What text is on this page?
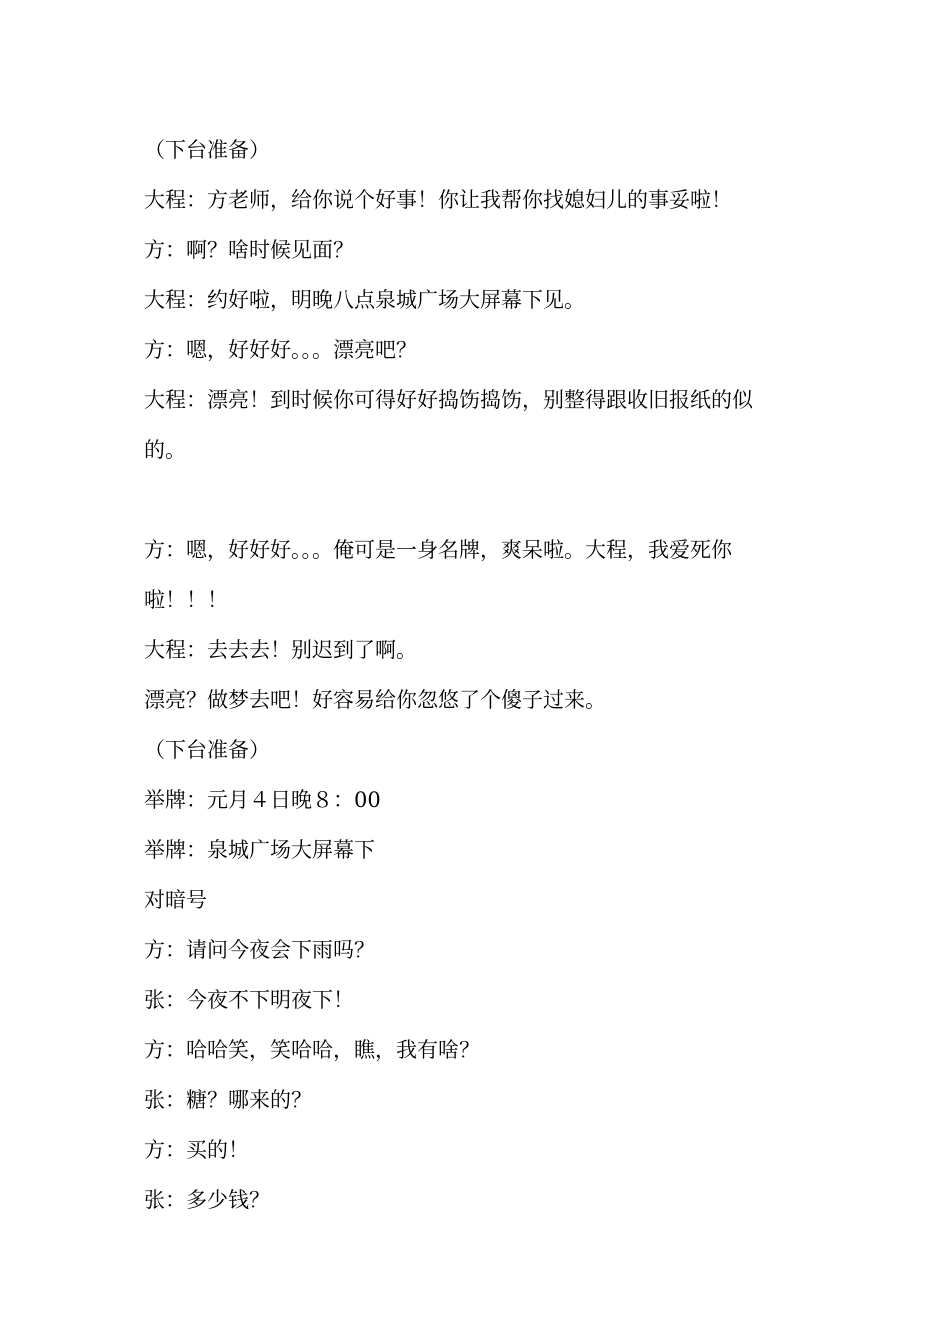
（下台准备）

大程：方老师，给你说个好事！你让我帮你找媳妇儿的事妥啦！

方：啊？啥时候见面？

大程：约好啦，明晚八点泉城广场大屏幕下见。

方：嗯，好好好。。。漂亮吧？

大程：漂亮！到时候你可得好好捣饬捣饬，别整得跟收旧报纸的似

的。

方：嗯，好好好。。。俺可是一身名牌，爽呆啦。大程，我爱死你

啦！！！

大程：去去去！别迟到了啊。

漂亮？做梦去吧！好容易给你忽悠了个傻子过来。

（下台准备）

举牌：元月４日晚８：00

举牌：泉城广场大屏幕下

对暗号

方：请问今夜会下雨吗？

张：今夜不下明夜下！

方：哈哈笑，笑哈哈，瞧，我有啥？

张：糖？哪来的？

方：买的！

张：多少钱？
